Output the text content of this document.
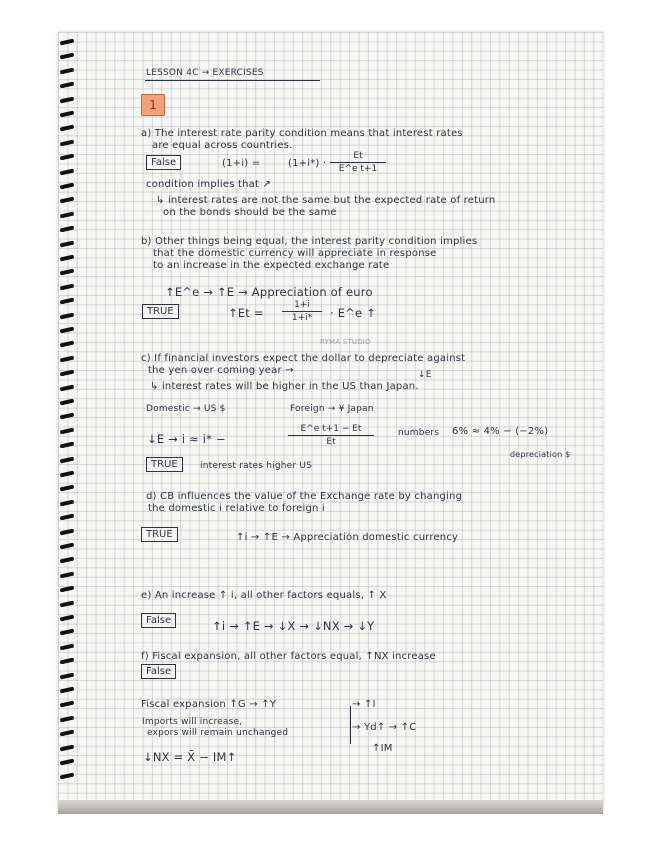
LESSON 4C → EXERCISES
1
a) The interest rate parity condition means that interest rates
are equal across countries.
False	(1+i) =	(1+i*) ·
Et
E^e t+1
condition implies that ↗
↳ interest rates are not the same but the expected rate of return
on the bonds should be the same
b) Other things being equal, the interest parity condition implies
that the domestic currency will appreciate in response
to an increase in the expected exchange rate
↑E^e → ↑E → Appreciation of euro
TRUE	↑Et =
1+i
1+i*	· E^e ↑
RYMA STUDIO
c) If financial investors expect the dollar to depreciate against
the yen over coming year →	↓E
↳ interest rates will be higher in the US than Japan.
Domestic → US $	Foreign → ¥ Japan
↓E → i ≈ i* −
E^e t+1 − Et
Et
numbers 6% ≈ 4% − (−2%)
depreciation $
TRUE	interest rates higher US
d) CB influences the value of the Exchange rate by changing
the domestic i relative to foreign i
TRUE	↑i → ↑E → Appreciation domestic currency
e) An increase ↑ i, all other factors equals, ↑ X
False	↑i → ↑E → ↓X → ↓NX → ↓Y
f) Fiscal expansion, all other factors equal, ↑NX increase
False
Fiscal expansion ↑G → ↑Y	→ ↑I
→ Yd↑ → ↑C
↑IM
Imports will increase,
expors will remain unchanged
↓NX = X̄ − IM↑
